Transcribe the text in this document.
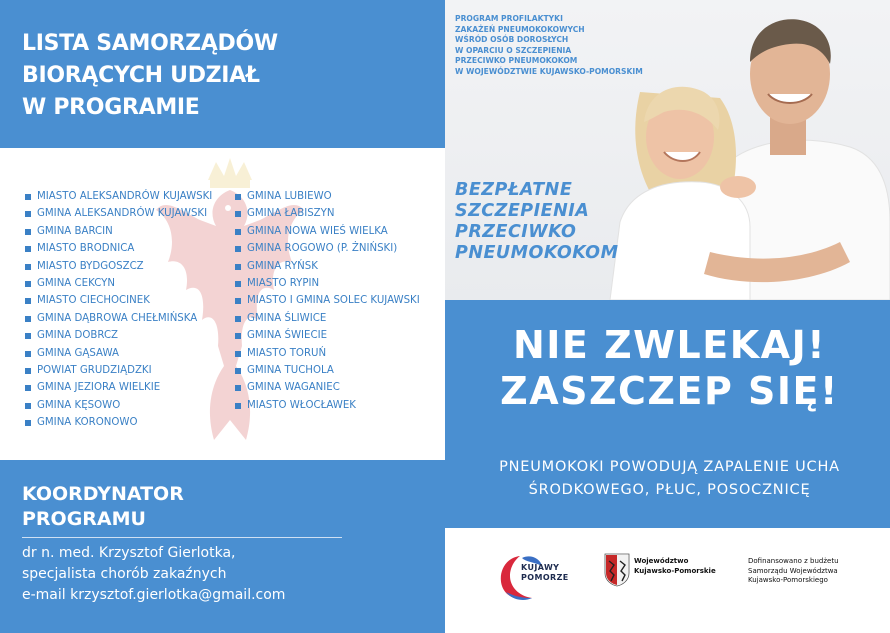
LISTA SAMORZĄDÓW
BIORĄCYCH UDZIAŁ
W PROGRAMIE
MIASTO ALEKSANDRÓW KUJAWSKI
GMINA ALEKSANDRÓW KUJAWSKI
GMINA BARCIN
MIASTO BRODNICA
MIASTO BYDGOSZCZ
GMINA CEKCYN
MIASTO CIECHOCINEK
GMINA DĄBROWA CHEŁMIŃSKA
GMINA DOBRCZ
GMINA GĄSAWA
POWIAT GRUDZIĄDZKI
GMINA JEZIORA WIELKIE
GMINA KĘSOWO
GMINA KORONOWO
GMINA LUBIEWO
GMINA ŁABISZYN
GMINA NOWA WIEŚ WIELKA
GMINA ROGOWO (P. ŻNIŃSKI)
GMINA RYŃSK
MIASTO RYPIN
MIASTO I GMINA SOLEC KUJAWSKI
GMINA ŚLIWICE
GMINA ŚWIECIE
MIASTO TORUŃ
GMINA TUCHOLA
GMINA WAGANIEC
MIASTO WŁOCŁAWEK
KOORDYNATOR
PROGRAMU
dr n. med. Krzysztof Gierlotka,
specjalista chorób zakaźnych
e-mail krzysztof.gierlotka@gmail.com
PROGRAM PROFILAKTYKI
ZAKAŻEŃ PNEUMOKOKOWYCH
WŚRÓD OSÓB DOROSŁYCH
W OPARCIU O SZCZEPIENIA
PRZECIWKO PNEUMOKOKOM
W WOJEWÓDZTWIE KUJAWSKO-POMORSKIM
BEZPŁATNE
SZCZEPIENIA
PRZECIWKO
PNEUMOKOKOM
NIE ZWLEKAJ!
ZASZCZEP SIĘ!
PNEUMOKOKI POWODUJĄ ZAPALENIE UCHA
ŚRODKOWEGO, PŁUC, POSOCZNICĘ
KUJAWY
POMORZE
Województwo
Kujawsko-Pomorskie
Dofinansowano z budżetu
Samorządu Województwa
Kujawsko-Pomorskiego
